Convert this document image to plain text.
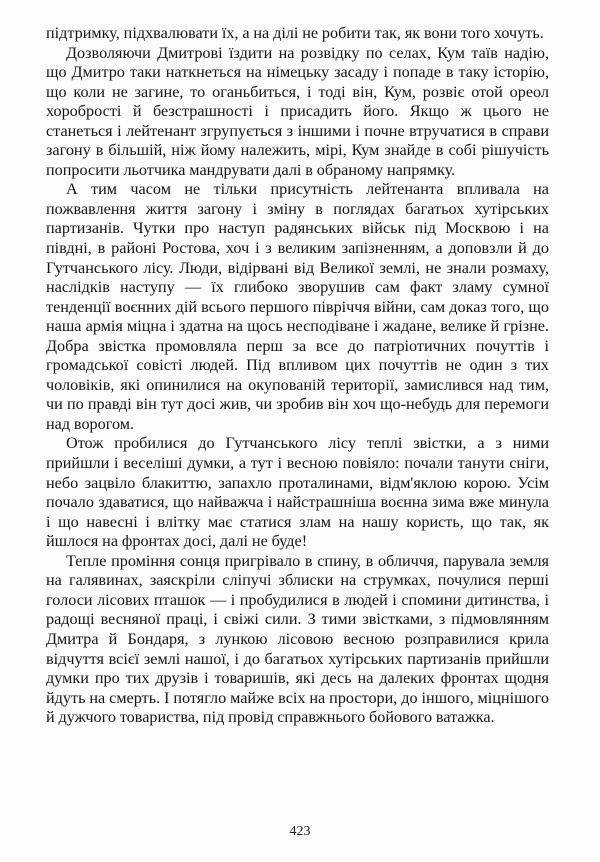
підтримку, підхвалювати їх, а на ділі не робити так, як вони того хочуть.

Дозволяючи Дмитрові їздити на розвідку по селах, Кум таїв надію, що Дмитро таки наткнеться на німецьку засаду і попаде в таку історію, що коли не загине, то оганьбиться, і тоді він, Кум, розвіє отой ореол хоробрості й безстрашності і присадить його. Якщо ж цього не станеться і лейтенант згрупується з іншими і почне втручатися в справи загону в більшій, ніж йому належить, мірі, Кум знайде в собі рішучість попросити льотчика мандрувати далі в обраному напрямку.

А тим часом не тільки присутність лейтенанта впливала на пожвавлення життя загону і зміну в поглядах багатьох хутірських партизанів. Чутки про наступ радянських військ під Москвою і на півдні, в районі Ростова, хоч і з великим запізненням, а доповзли й до Гутчанського лісу. Люди, відірвані від Великої землі, не знали розмаху, наслідків наступу — їх глибоко зворушив сам факт зламу сумної тенденції воєнних дій всього першого півріччя війни, сам доказ того, що наша армія міцна і здатна на щось несподіване і жадане, велике й грізне. Добра звістка промовляла перш за все до патріотичних почуттів і громадської совісті людей. Під впливом цих почуттів не один з тих чоловіків, які опинилися на окупованій території, замислився над тим, чи по правді він тут досі жив, чи зробив він хоч що-небудь для перемоги над ворогом.

Отож пробилися до Гутчанського лісу теплі звістки, а з ними прийшли і веселіші думки, а тут і весною повіяло: почали танути сніги, небо зацвіло блакиттю, запахло проталинами, відм'яклою корою. Усім почало здаватися, що найважча і найстрашніша воєнна зима вже минула і що навесні і влітку має статися злам на нашу користь, що так, як йшлося на фронтах досі, далі не буде!

Тепле проміння сонця пригрівало в спину, в обличчя, парувала земля на галявинах, заяскріли сліпучі зблиски на струмках, почулися перші голоси лісових пташок — і пробудилися в людей і спомини дитинства, і радощі весняної праці, і свіжі сили. З тими звістками, з підмовлянням Дмитра й Бондаря, з лункою лісовою весною розправилися крила відчуття всієї землі нашої, і до багатьох хутірських партизанів прийшли думки про тих друзів і товаришів, які десь на далеких фронтах щодня йдуть на смерть. І потягло майже всіх на простори, до іншого, міцнішого й дужчого товариства, під провід справжнього бойового ватажка.

423
